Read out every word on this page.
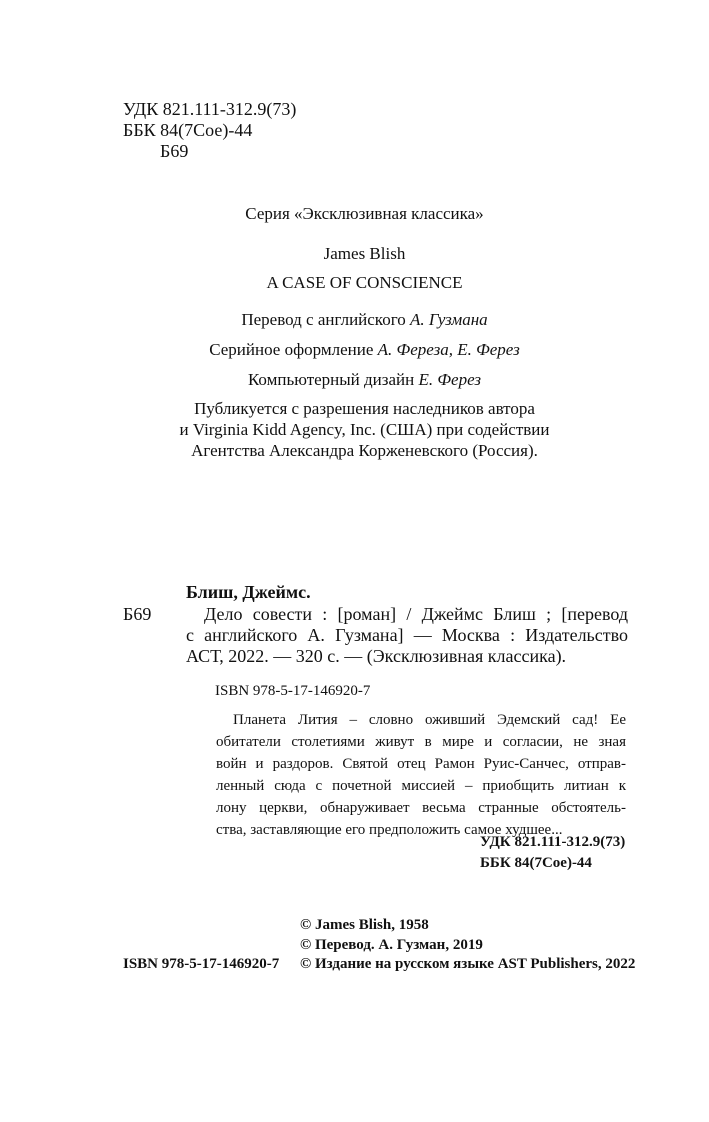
УДК 821.111-312.9(73)
ББК 84(7Сое)-44
Б69
Серия «Эксклюзивная классика»
James Blish
A CASE OF CONSCIENCE
Перевод с английского А. Гузмана
Серийное оформление А. Фереза, Е. Ферез
Компьютерный дизайн Е. Ферез
Публикуется с разрешения наследников автора
и Virginia Kidd Agency, Inc. (США) при содействии
Агентства Александра Корженевского (Россия).
Блиш, Джеймс.
Б69	Дело совести : [роман] / Джеймс Блиш ; [перевод
с английского А. Гузмана] — Москва : Издательство
АСТ, 2022. — 320 с. — (Эксклюзивная классика).
ISBN 978-5-17-146920-7
Планета Лития – словно оживший Эдемский сад! Ее
обитатели столетиями живут в мире и согласии, не зная
войн и раздоров. Святой отец Рамон Руис-Санчес, отправ-
ленный сюда с почетной миссией – приобщить литиан к
лону церкви, обнаруживает весьма странные обстоятель-
ства, заставляющие его предположить самое худшее...
УДК 821.111-312.9(73)
ББК 84(7Сое)-44
© James Blish, 1958
© Перевод. А. Гузман, 2019
ISBN 978-5-17-146920-7 © Издание на русском языке AST Publishers, 2022
